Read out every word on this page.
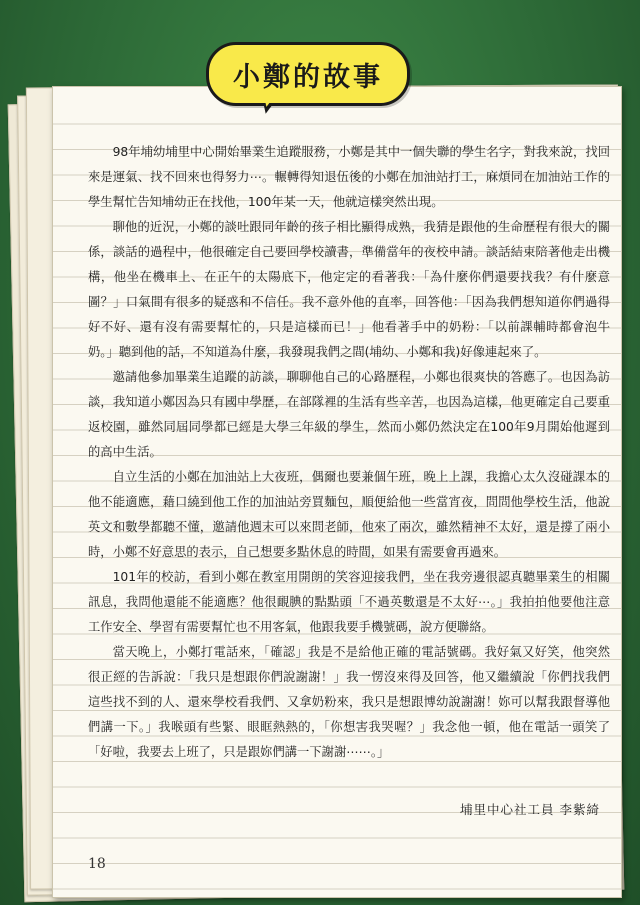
小鄭的故事

98年埔幼埔里中心開始畢業生追蹤服務，小鄭是其中一個失聯的學生名字，對我來說，找回來是運氣、找不回來也得努力⋯。輾轉得知退伍後的小鄭在加油站打工，麻煩同在加油站工作的學生幫忙告知埔幼正在找他，100年某一天，他就這樣突然出現。

聊他的近況，小鄭的談吐跟同年齡的孩子相比顯得成熟，我猜是跟他的生命歷程有很大的關係，談話的過程中，他很確定自己要回學校讀書，準備當年的夜校申請。談話結束陪著他走出機構，他坐在機車上、在正午的太陽底下，他定定的看著我：「為什麼你們還要找我？有什麼意圖？」口氣間有很多的疑惑和不信任。我不意外他的直率，回答他：「因為我們想知道你們過得好不好、還有沒有需要幫忙的，只是這樣而已！」他看著手中的奶粉：「以前課輔時都會泡牛奶。」聽到他的話，不知道為什麼，我發現我們之間(埔幼、小鄭和我)好像連起來了。

邀請他參加畢業生追蹤的訪談，聊聊他自己的心路歷程，小鄭也很爽快的答應了。也因為訪談，我知道小鄭因為只有國中學歷，在部隊裡的生活有些辛苦，也因為這樣，他更確定自己要重返校園，雖然同屆同學都已經是大學三年級的學生，然而小鄭仍然決定在100年9月開始他遲到的高中生活。

自立生活的小鄭在加油站上大夜班，偶爾也要兼個午班，晚上上課，我擔心太久沒碰課本的他不能適應，藉口繞到他工作的加油站旁買麵包，順便給他一些當宵夜，問問他學校生活，他說英文和數學都聽不懂，邀請他週末可以來問老師，他來了兩次，雖然精神不太好，還是撐了兩小時，小鄭不好意思的表示，自己想要多點休息的時間，如果有需要會再過來。

101年的校訪，看到小鄭在教室用開朗的笑容迎接我們，坐在我旁邊很認真聽畢業生的相關訊息，我問他還能不能適應？他很靦腆的點點頭「不過英數還是不太好⋯。」我拍拍他要他注意工作安全、學習有需要幫忙也不用客氣，他跟我要手機號碼，說方便聯絡。

當天晚上，小鄭打電話來，「確認」我是不是給他正確的電話號碼。我好氣又好笑，他突然很正經的告訴說：「我只是想跟你們說謝謝！」我一愣沒來得及回答，他又繼續說「你們找我們這些找不到的人、還來學校看我們、又拿奶粉來，我只是想跟博幼說謝謝！妳可以幫我跟督導他們講一下。」我喉頭有些緊、眼眶熱熱的，「你想害我哭喔？」我念他一頓，他在電話一頭笑了「好啦，我要去上班了，只是跟妳們講一下謝謝⋯⋯。」

埔里中心社工員 李紫綺
18
